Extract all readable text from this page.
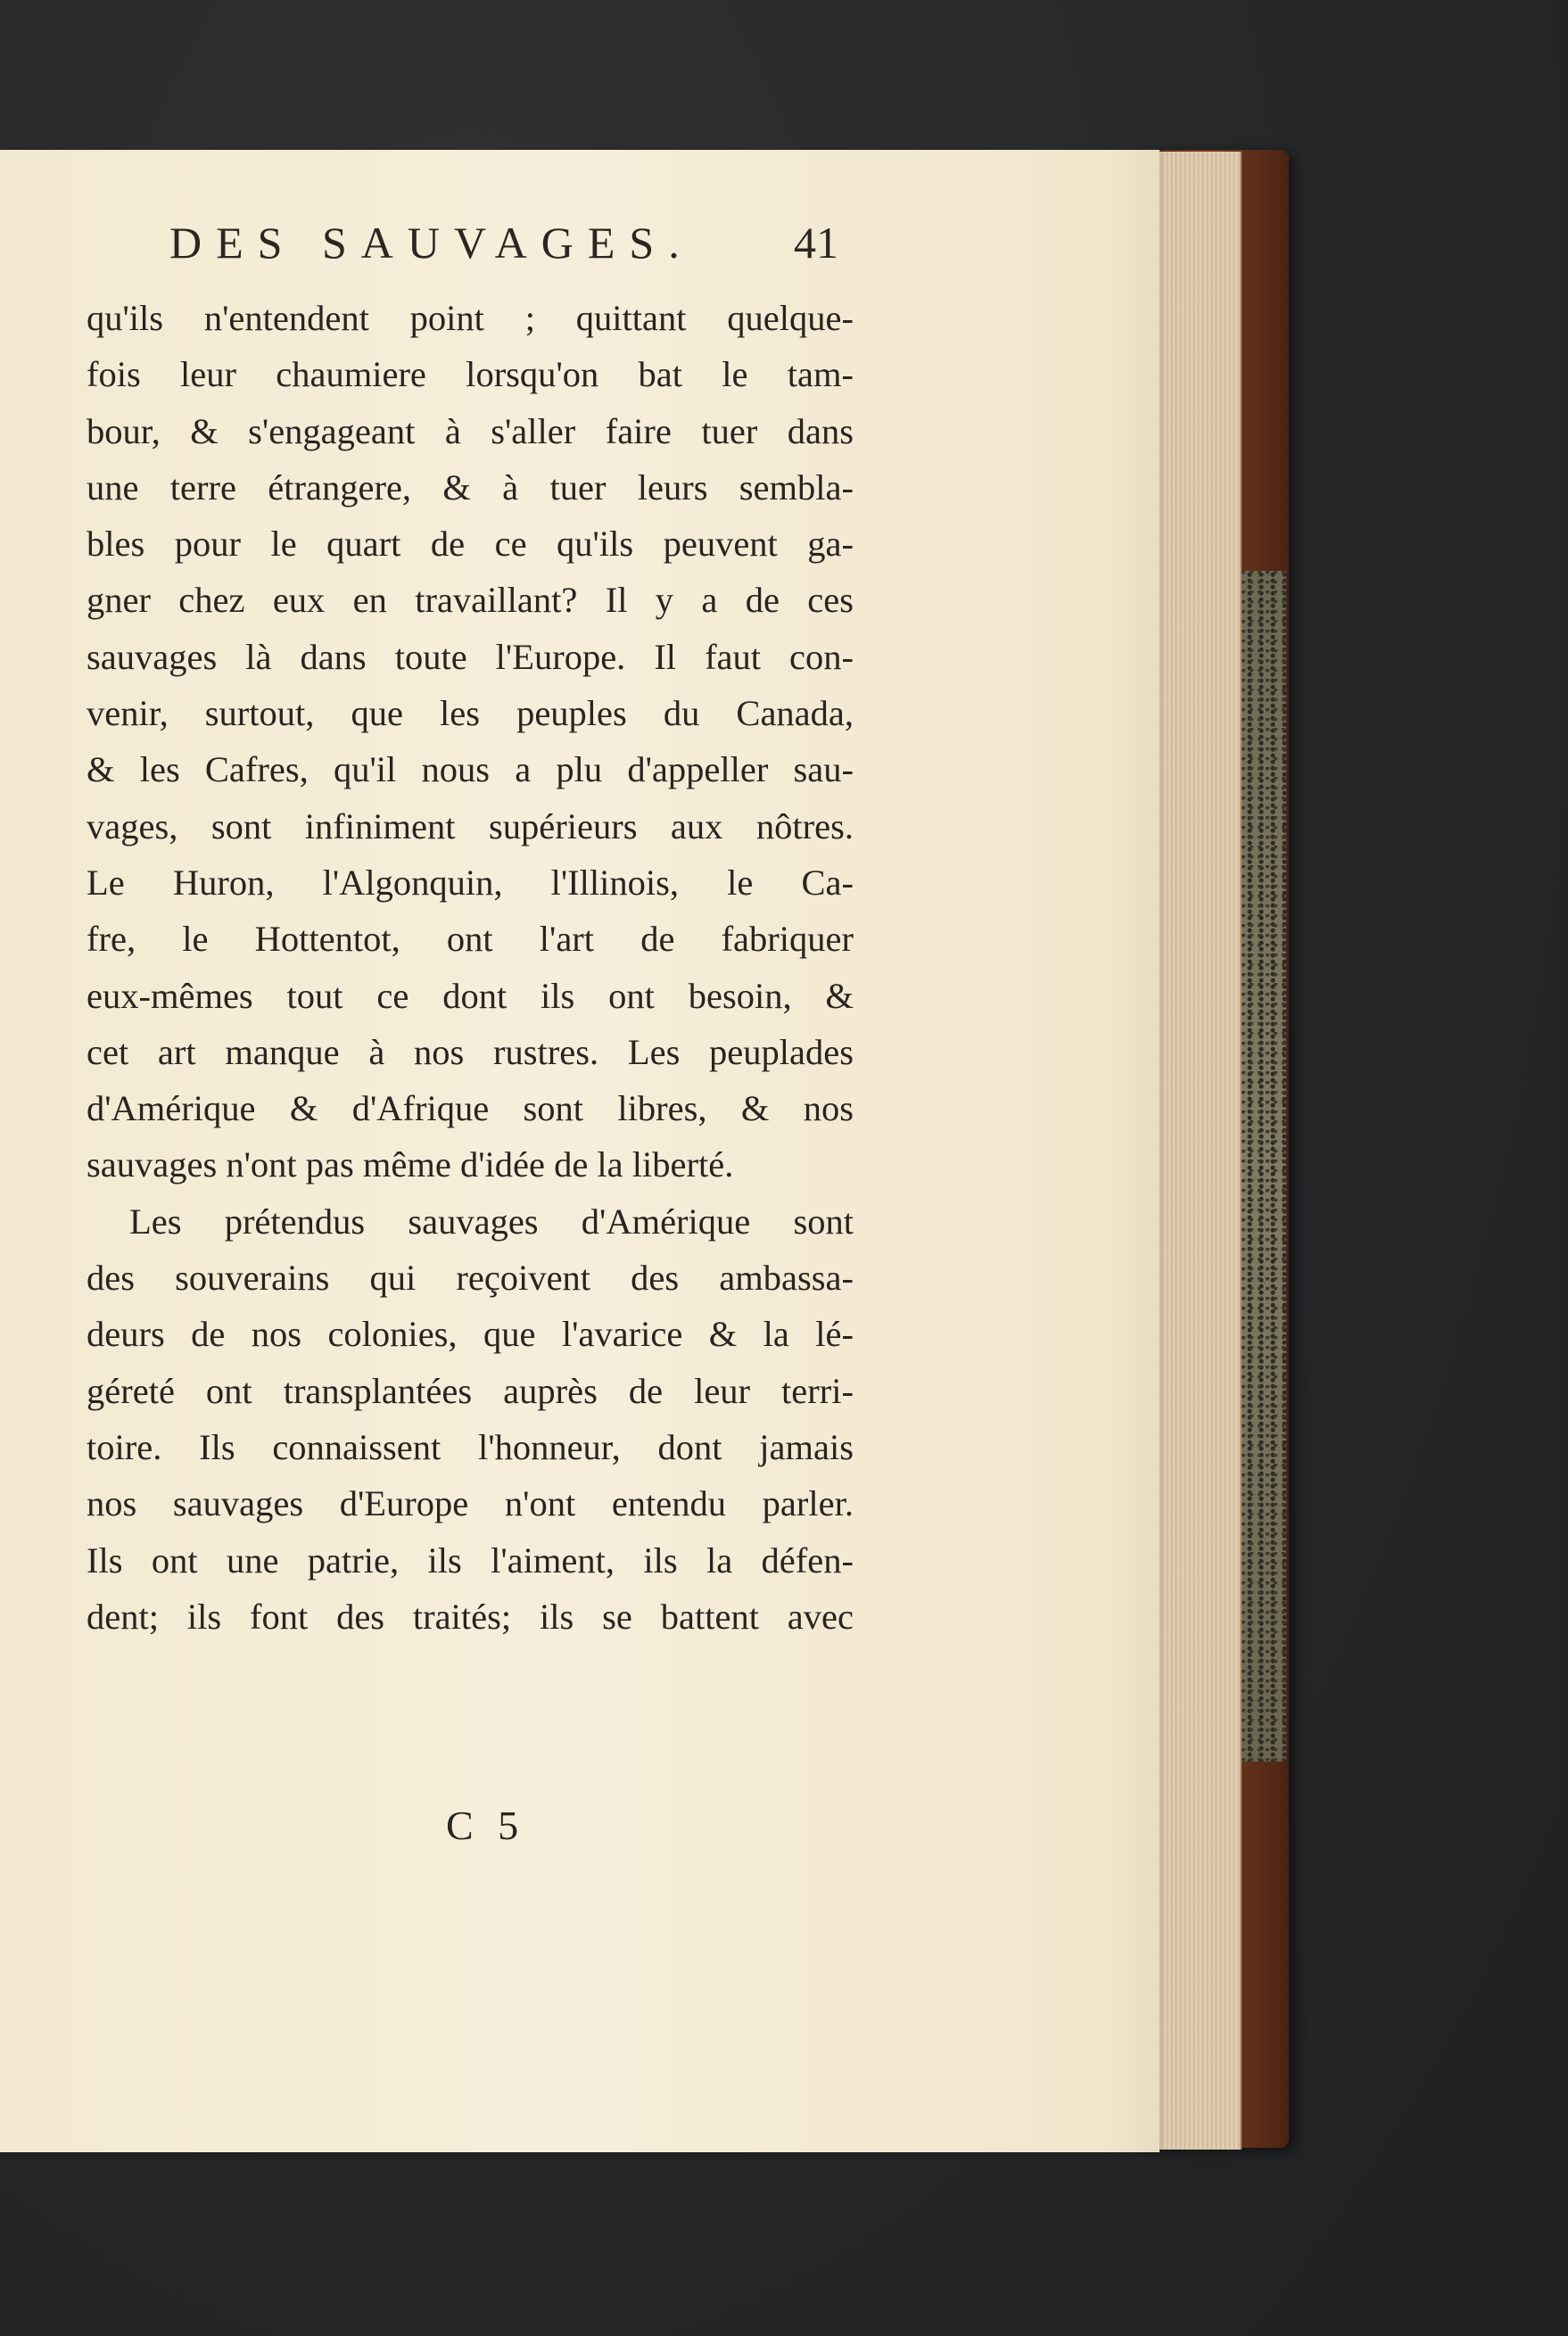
DES SAUVAGES.	41
qu'ils n'entendent point ; quittant quelque-
fois leur chaumiere lorsqu'on bat le tam-
bour, & s'engageant à s'aller faire tuer dans
une terre étrangere, & à tuer leurs sembla-
bles pour le quart de ce qu'ils peuvent ga-
gner chez eux en travaillant? Il y a de ces
sauvages là dans toute l'Europe. Il faut con-
venir, surtout, que les peuples du Canada,
& les Cafres, qu'il nous a plu d'appeller sau-
vages, sont infiniment supérieurs aux nôtres.
Le Huron, l'Algonquin, l'Illinois, le Ca-
fre, le Hottentot, ont l'art de fabriquer
eux-mêmes tout ce dont ils ont besoin, &
cet art manque à nos rustres. Les peuplades
d'Amérique & d'Afrique sont libres, & nos
sauvages n'ont pas même d'idée de la liberté.
Les prétendus sauvages d'Amérique sont
des souverains qui reçoivent des ambassa-
deurs de nos colonies, que l'avarice & la lé-
géreté ont transplantées auprès de leur terri-
toire. Ils connaissent l'honneur, dont jamais
nos sauvages d'Europe n'ont entendu parler.
Ils ont une patrie, ils l'aiment, ils la défen-
dent; ils font des traités; ils se battent avec
C 5
